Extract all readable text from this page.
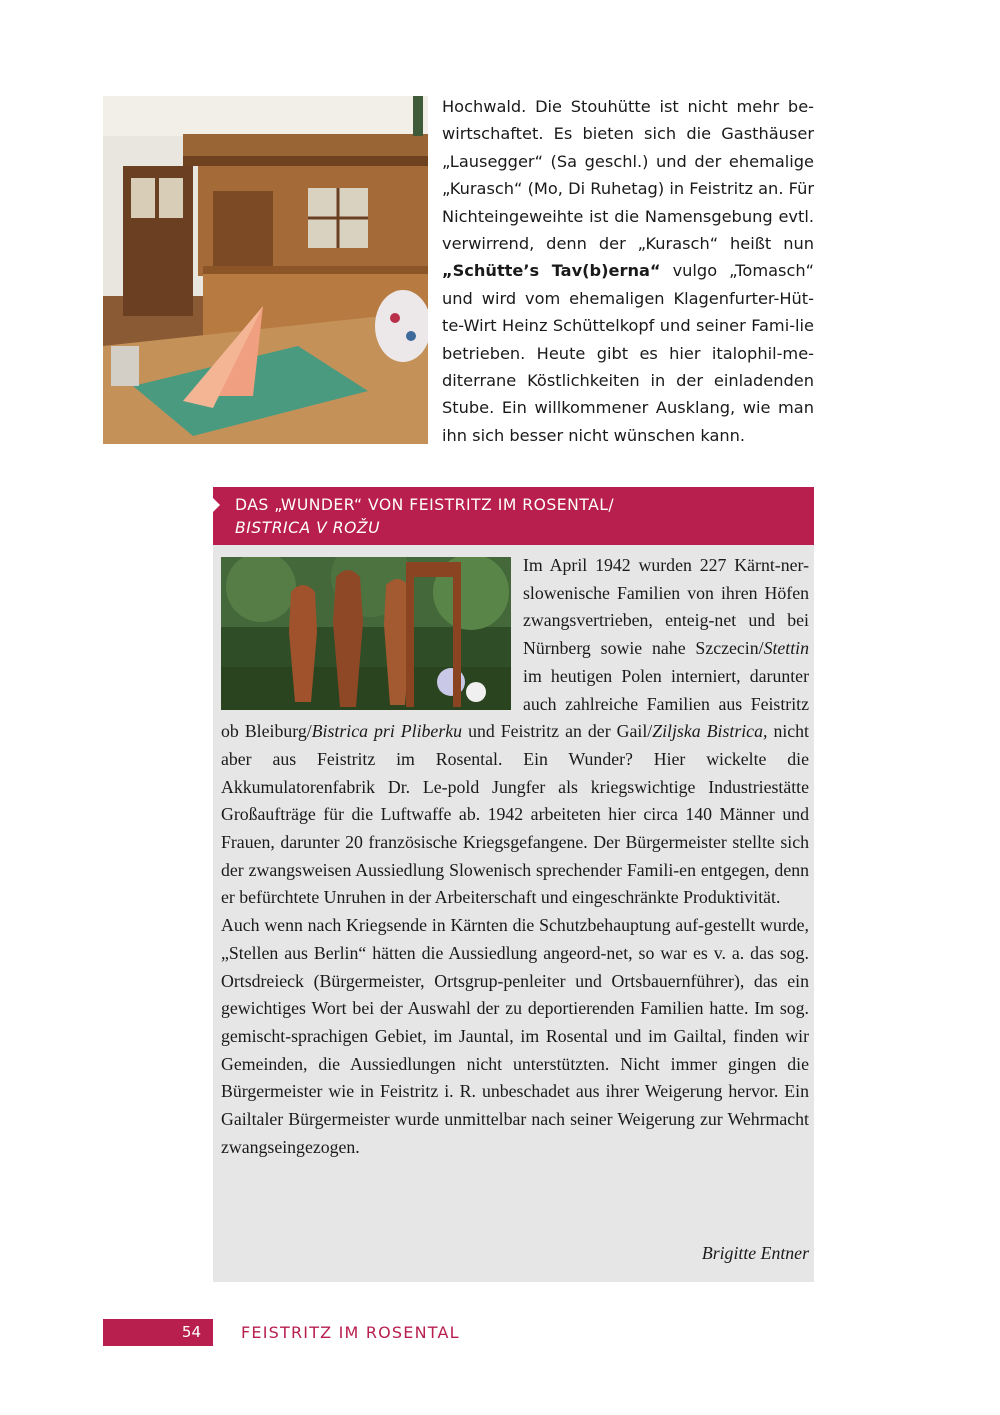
Hochwald. Die Stouhütte ist nicht mehr be-wirtschaftet. Es bieten sich die Gasthäuser „Lausegger“ (Sa geschl.) und der ehemalige „Kurasch“ (Mo, Di Ruhetag) in Feistritz an. Für Nichteingeweihte ist die Namensgebung evtl. verwirrend, denn der „Kurasch“ heißt nun „Schütte’s Tav(b)erna“ vulgo „Tomasch“ und wird vom ehemaligen Klagenfurter-Hüt-te-Wirt Heinz Schüttelkopf und seiner Fami-lie betrieben. Heute gibt es hier italophil-me-diterrane Köstlichkeiten in der einladenden Stube. Ein willkommener Ausklang, wie man ihn sich besser nicht wünschen kann.
DAS „WUNDER“ VON FEISTRITZ IM ROSENTAL/
BISTRICA V ROŽU

Im April 1942 wurden 227 Kärnt-ner-slowenische Familien von ihren Höfen zwangsvertrieben, enteig-net und bei Nürnberg sowie nahe Szczecin/Stettin im heutigen Polen interniert, darunter auch zahlreiche Familien aus Feistritz ob Bleiburg/Bistrica pri Pliberku und Feistritz an der Gail/Ziljska Bistrica, nicht aber aus Feistritz im Rosental. Ein Wunder? Hier wickelte die Akkumulatorenfabrik Dr. Le-pold Jungfer als kriegswichtige Industriestätte Großaufträge für die Luftwaffe ab. 1942 arbeiteten hier circa 140 Männer und Frauen, darunter 20 französische Kriegsgefangene. Der Bürgermeister stellte sich der zwangsweisen Aussiedlung Slowenisch sprechender Famili-en entgegen, denn er befürchtete Unruhen in der Arbeiterschaft und eingeschränkte Produktivität.

Auch wenn nach Kriegsende in Kärnten die Schutzbehauptung auf-gestellt wurde, „Stellen aus Berlin“ hätten die Aussiedlung angeord-net, so war es v. a. das sog. Ortsdreieck (Bürgermeister, Ortsgrup-penleiter und Ortsbauernführer), das ein gewichtiges Wort bei der Auswahl der zu deportierenden Familien hatte. Im sog. gemischt-sprachigen Gebiet, im Jauntal, im Rosental und im Gailtal, finden wir Gemeinden, die Aussiedlungen nicht unterstützten. Nicht immer gingen die Bürgermeister wie in Feistritz i. R. unbeschadet aus ihrer Weigerung hervor. Ein Gailtaler Bürgermeister wurde unmittelbar nach seiner Weigerung zur Wehrmacht zwangseingezogen.

Brigitte Entner
54	FEISTRITZ IM ROSENTAL
